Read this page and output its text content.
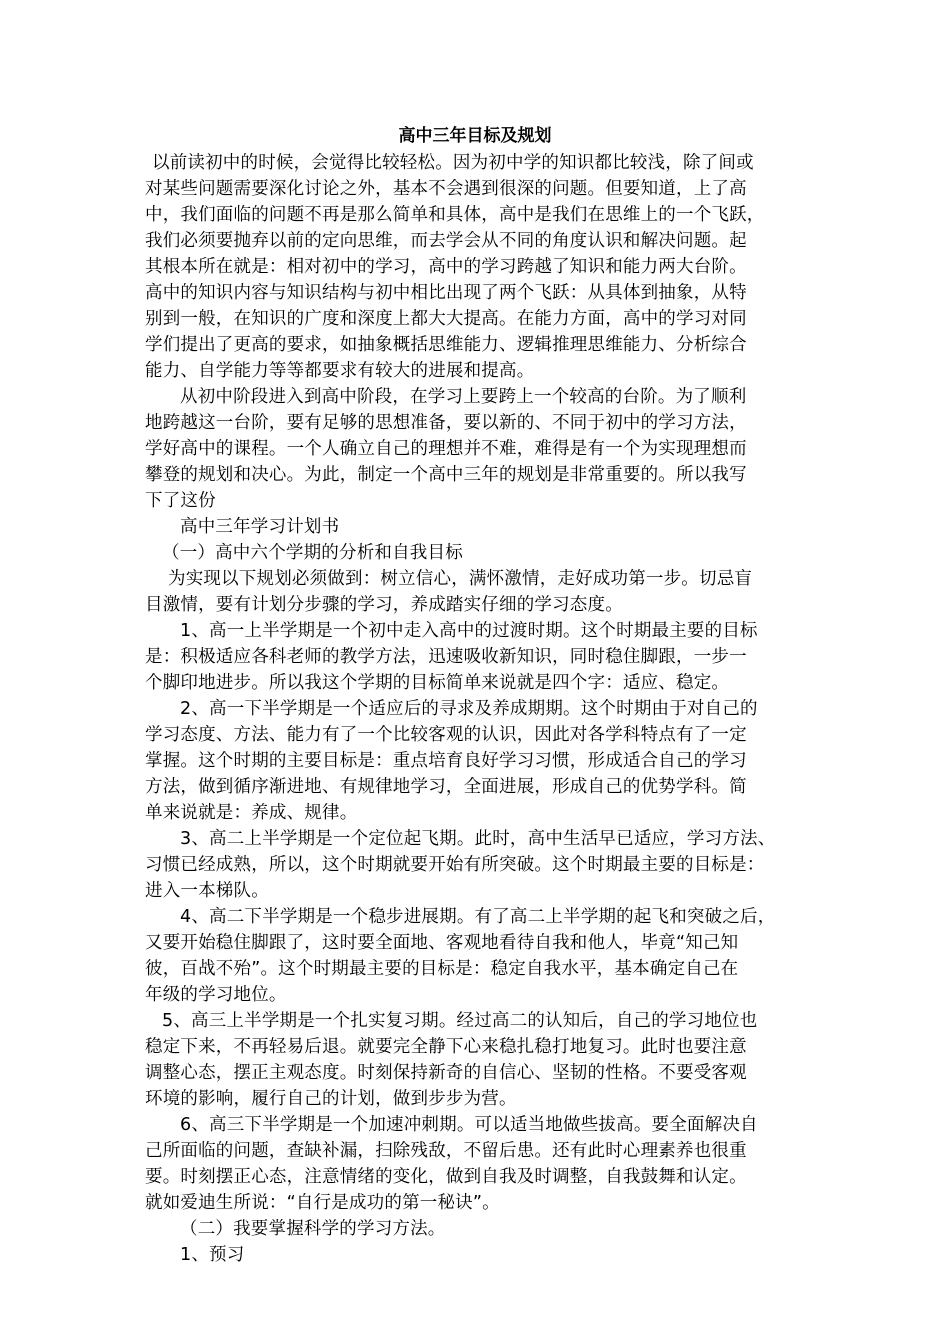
高中三年目标及规划
以前读初中的时候，会觉得比较轻松。因为初中学的知识都比较浅，除了间或
对某些问题需要深化讨论之外，基本不会遇到很深的问题。但要知道，上了高
中，我们面临的问题不再是那么简单和具体，高中是我们在思维上的一个飞跃，
我们必须要抛弃以前的定向思维，而去学会从不同的角度认识和解决问题。起
其根本所在就是：相对初中的学习，高中的学习跨越了知识和能力两大台阶。
高中的知识内容与知识结构与初中相比出现了两个飞跃：从具体到抽象，从特
别到一般，在知识的广度和深度上都大大提高。在能力方面，高中的学习对同
学们提出了更高的要求，如抽象概括思维能力、逻辑推理思维能力、分析综合
能力、自学能力等等都要求有较大的进展和提高。
从初中阶段进入到高中阶段，在学习上要跨上一个较高的台阶。为了顺利
地跨越这一台阶，要有足够的思想准备，要以新的、不同于初中的学习方法，
学好高中的课程。一个人确立自己的理想并不难，难得是有一个为实现理想而
攀登的规划和决心。为此，制定一个高中三年的规划是非常重要的。所以我写
下了这份
高中三年学习计划书
（一）高中六个学期的分析和自我目标
为实现以下规划必须做到：树立信心，满怀激情，走好成功第一步。切忌盲
目激情，要有计划分步骤的学习，养成踏实仔细的学习态度。
1、高一上半学期是一个初中走入高中的过渡时期。这个时期最主要的目标
是：积极适应各科老师的教学方法，迅速吸收新知识，同时稳住脚跟，一步一
个脚印地进步。所以我这个学期的目标简单来说就是四个字：适应、稳定。
2、高一下半学期是一个适应后的寻求及养成期期。这个时期由于对自己的
学习态度、方法、能力有了一个比较客观的认识，因此对各学科特点有了一定
掌握。这个时期的主要目标是：重点培育良好学习习惯，形成适合自己的学习
方法，做到循序渐进地、有规律地学习，全面进展，形成自己的优势学科。简
单来说就是：养成、规律。
3、高二上半学期是一个定位起飞期。此时，高中生活早已适应，学习方法、
习惯已经成熟，所以，这个时期就要开始有所突破。这个时期最主要的目标是：
进入一本梯队。
4、高二下半学期是一个稳步进展期。有了高二上半学期的起飞和突破之后，
又要开始稳住脚跟了，这时要全面地、客观地看待自我和他人，毕竟“知己知
彼，百战不殆”。这个时期最主要的目标是：稳定自我水平，基本确定自己在
年级的学习地位。
5、高三上半学期是一个扎实复习期。经过高二的认知后，自己的学习地位也
稳定下来，不再轻易后退。就要完全静下心来稳扎稳打地复习。此时也要注意
调整心态，摆正主观态度。时刻保持新奇的自信心、坚韧的性格。不要受客观
环境的影响，履行自己的计划，做到步步为营。
6、高三下半学期是一个加速冲刺期。可以适当地做些拔高。要全面解决自
己所面临的问题，查缺补漏，扫除残敌，不留后患。还有此时心理素养也很重
要。时刻摆正心态，注意情绪的变化，做到自我及时调整，自我鼓舞和认定。
就如爱迪生所说：“自行是成功的第一秘诀”。
（二）我要掌握科学的学习方法。
1、预习
